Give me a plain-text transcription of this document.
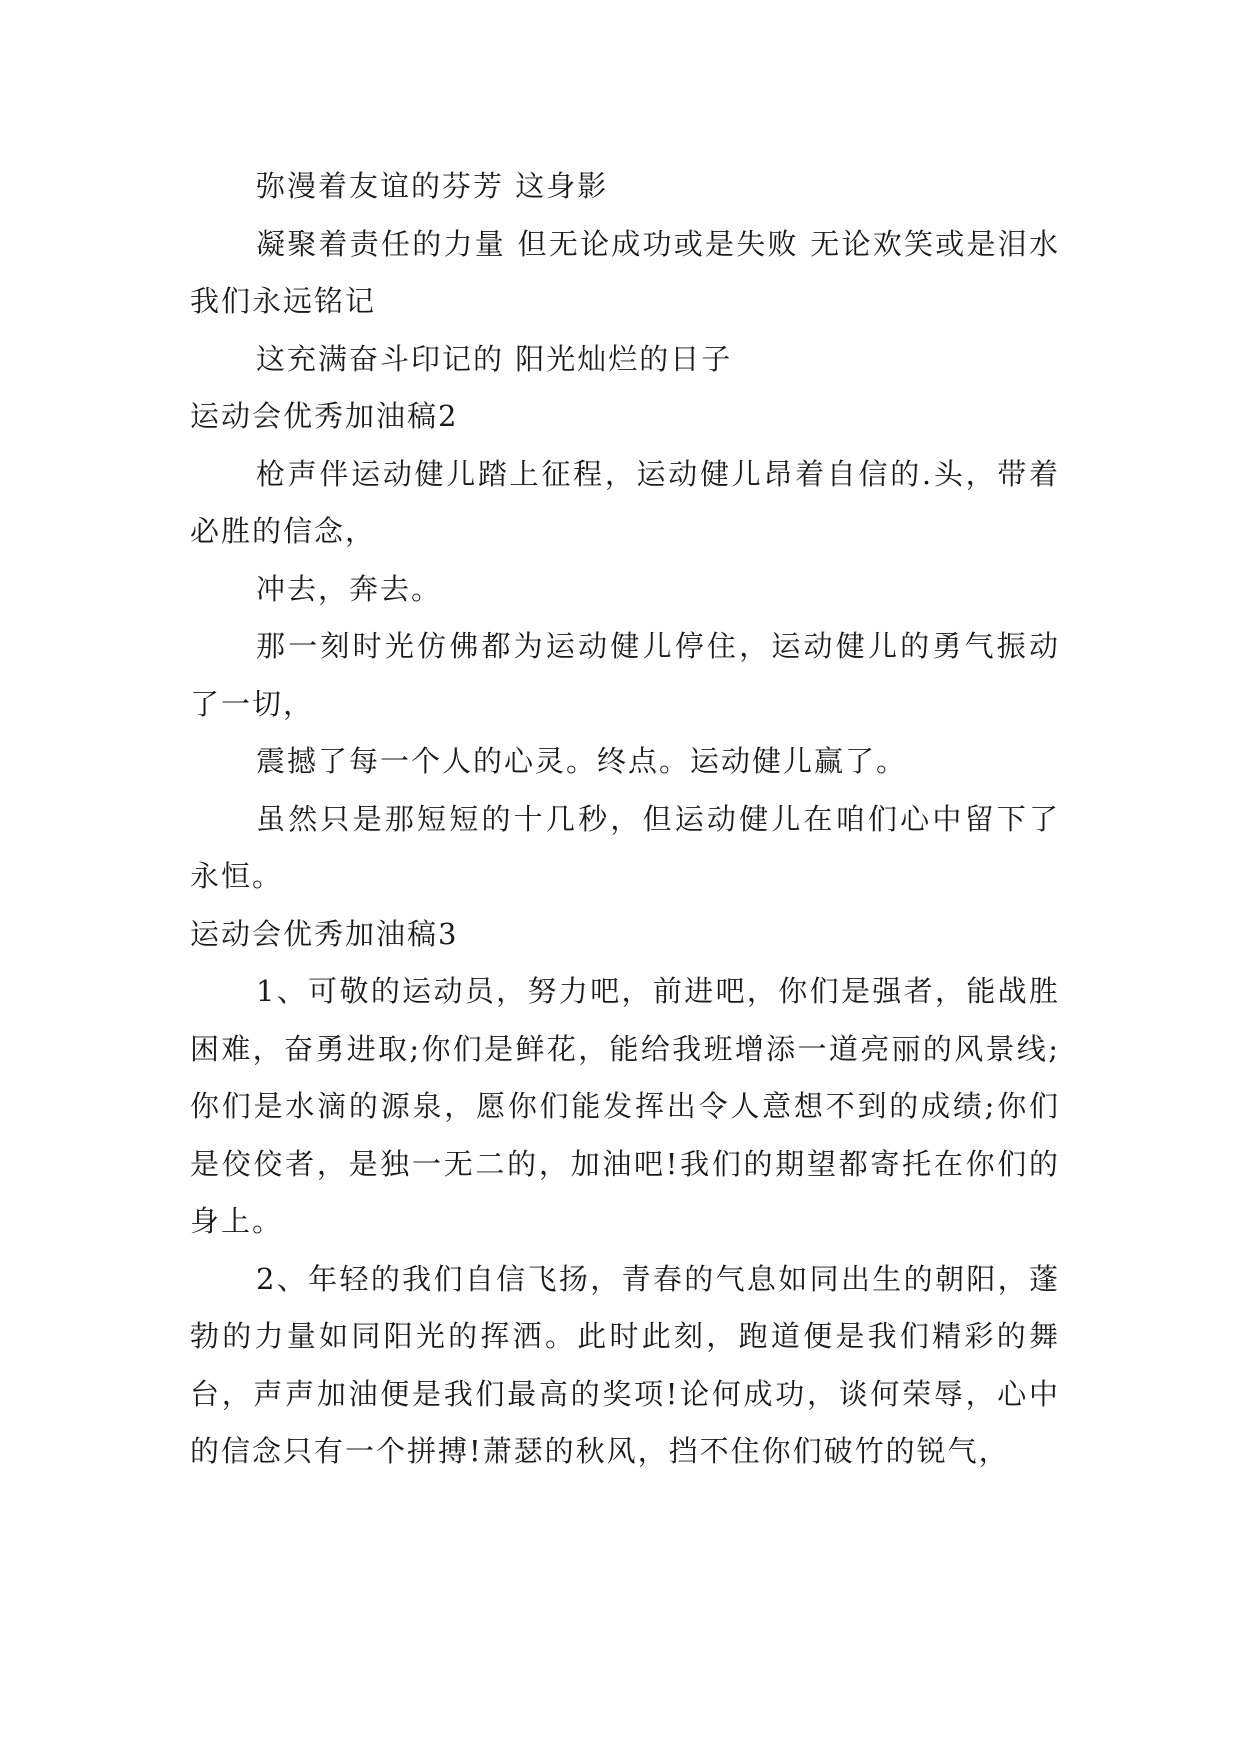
弥漫着友谊的芬芳 这身影

凝聚着责任的力量 但无论成功或是失败 无论欢笑或是泪水 我们永远铭记

这充满奋斗印记的 阳光灿烂的日子

运动会优秀加油稿2

枪声伴运动健儿踏上征程，运动健儿昂着自信的.头，带着必胜的信念，

冲去，奔去。

那一刻时光仿佛都为运动健儿停住，运动健儿的勇气振动了一切，

震撼了每一个人的心灵。终点。运动健儿赢了。

虽然只是那短短的十几秒，但运动健儿在咱们心中留下了永恒。

运动会优秀加油稿3

1、可敬的运动员，努力吧，前进吧，你们是强者，能战胜困难，奋勇进取;你们是鲜花，能给我班增添一道亮丽的风景线;你们是水滴的源泉，愿你们能发挥出令人意想不到的成绩;你们是佼佼者，是独一无二的，加油吧!我们的期望都寄托在你们的身上。

2、年轻的我们自信飞扬，青春的气息如同出生的朝阳，蓬勃的力量如同阳光的挥洒。此时此刻，跑道便是我们精彩的舞台，声声加油便是我们最高的奖项!论何成功，谈何荣辱，心中的信念只有一个拼搏!萧瑟的秋风，挡不住你们破竹的锐气，
